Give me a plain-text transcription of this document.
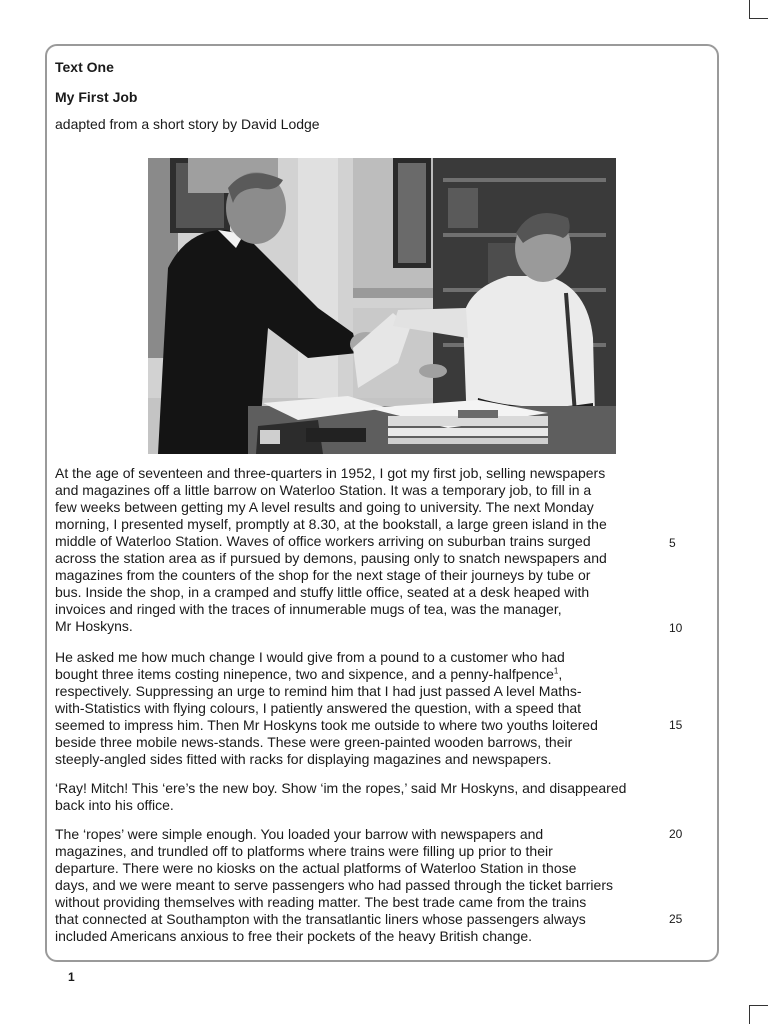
Text One
My First Job
adapted from a short story by David Lodge

At the age of seventeen and three-quarters in 1952, I got my first job, selling newspapers
and magazines off a little barrow on Waterloo Station. It was a temporary job, to fill in a
few weeks between getting my A level results and going to university. The next Monday
morning, I presented myself, promptly at 8.30, at the bookstall, a large green island in the
middle of Waterloo Station. Waves of office workers arriving on suburban trains surged
across the station area as if pursued by demons, pausing only to snatch newspapers and
magazines from the counters of the shop for the next stage of their journeys by tube or
bus. Inside the shop, in a cramped and stuffy little office, seated at a desk heaped with
invoices and ringed with the traces of innumerable mugs of tea, was the manager,
Mr Hoskyns.

He asked me how much change I would give from a pound to a customer who had
bought three items costing ninepence, two and sixpence, and a penny-halfpence$^1$,
respectively. Suppressing an urge to remind him that I had just passed A level Maths-
with-Statistics with flying colours, I patiently answered the question, with a speed that
seemed to impress him. Then Mr Hoskyns took me outside to where two youths loitered
beside three mobile news-stands. These were green-painted wooden barrows, their
steeply-angled sides fitted with racks for displaying magazines and newspapers.

‘Ray! Mitch! This ‘ere’s the new boy. Show ‘im the ropes,’ said Mr Hoskyns, and disappeared
back into his office.

The ‘ropes’ were simple enough. You loaded your barrow with newspapers and
magazines, and trundled off to platforms where trains were filling up prior to their
departure. There were no kiosks on the actual platforms of Waterloo Station in those
days, and we were meant to serve passengers who had passed through the ticket barriers
without providing themselves with reading matter. The best trade came from the trains
that connected at Southampton with the transatlantic liners whose passengers always
included Americans anxious to free their pockets of the heavy British change.

5
10
15
20
25
1
